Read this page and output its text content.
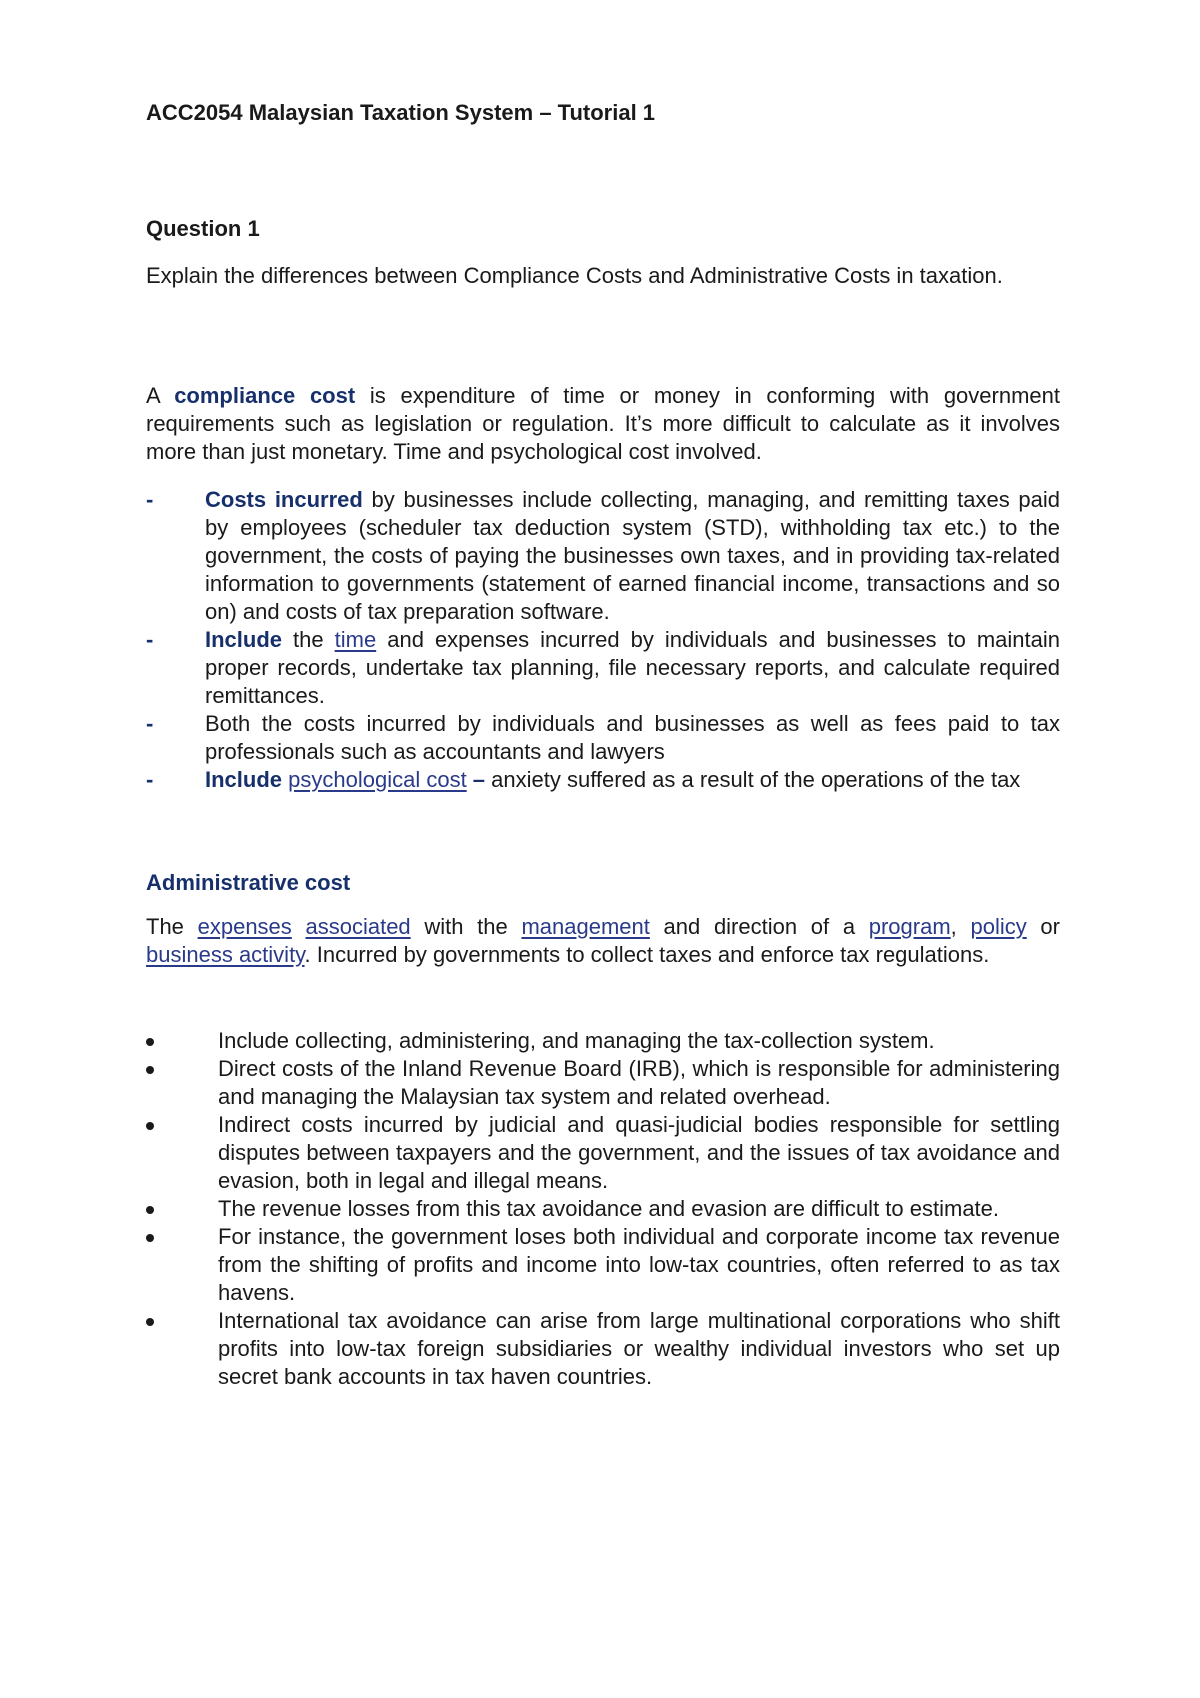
ACC2054 Malaysian Taxation System – Tutorial 1
Question 1

Explain the differences between Compliance Costs and Administrative Costs in taxation.

A compliance cost is expenditure of time or money in conforming with government requirements such as legislation or regulation. It’s more difficult to calculate as it involves more than just monetary. Time and psychological cost involved.

- Costs incurred by businesses include collecting, managing, and remitting taxes paid by employees (scheduler tax deduction system (STD), withholding tax etc.) to the government, the costs of paying the businesses own taxes, and in providing tax-related information to governments (statement of earned financial income, transactions and so on) and costs of tax preparation software.
- Include the time and expenses incurred by individuals and businesses to maintain proper records, undertake tax planning, file necessary reports, and calculate required remittances.
- Both the costs incurred by individuals and businesses as well as fees paid to tax professionals such as accountants and lawyers
- Include psychological cost – anxiety suffered as a result of the operations of the tax
Administrative cost

The expenses associated with the management and direction of a program, policy or business activity. Incurred by governments to collect taxes and enforce tax regulations.

Include collecting, administering, and managing the tax-collection system.
Direct costs of the Inland Revenue Board (IRB), which is responsible for administering and managing the Malaysian tax system and related overhead.
Indirect costs incurred by judicial and quasi-judicial bodies responsible for settling disputes between taxpayers and the government, and the issues of tax avoidance and evasion, both in legal and illegal means.
The revenue losses from this tax avoidance and evasion are difficult to estimate.
For instance, the government loses both individual and corporate income tax revenue from the shifting of profits and income into low-tax countries, often referred to as tax havens.
International tax avoidance can arise from large multinational corporations who shift profits into low-tax foreign subsidiaries or wealthy individual investors who set up secret bank accounts in tax haven countries.
